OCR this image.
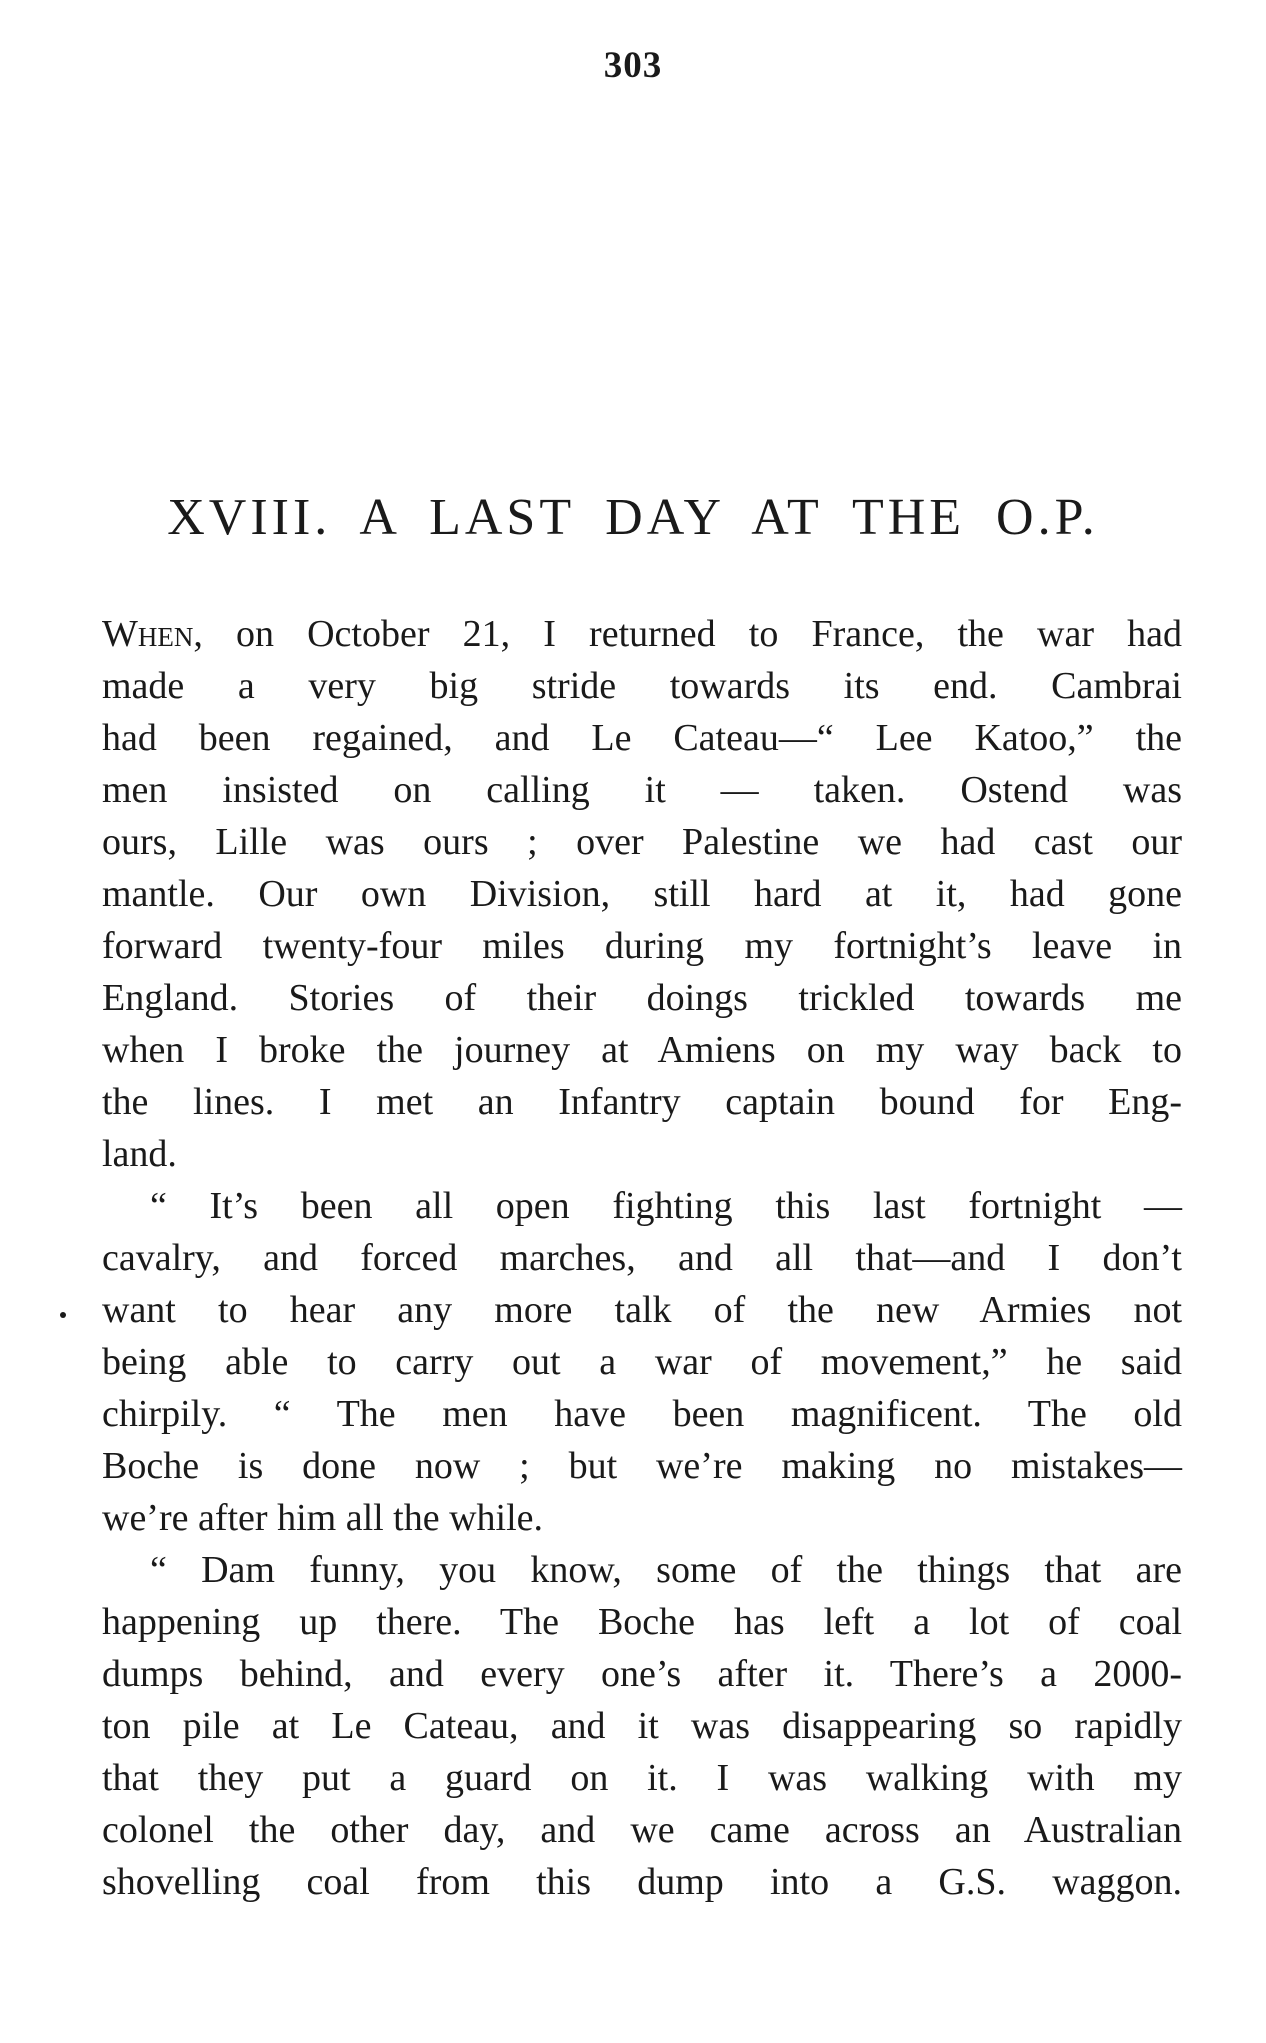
303
XVIII. A LAST DAY AT THE O.P.
When, on October 21, I returned to France, the war had
made a very big stride towards its end. Cambrai
had been regained, and Le Cateau—“ Lee Katoo,” the
men insisted on calling it — taken. Ostend was
ours, Lille was ours ; over Palestine we had cast our
mantle. Our own Division, still hard at it, had gone
forward twenty-four miles during my fortnight’s leave in
England. Stories of their doings trickled towards me
when I broke the journey at Amiens on my way back to
the lines. I met an Infantry captain bound for Eng-
land.
“ It’s been all open fighting this last fortnight —
cavalry, and forced marches, and all that—and I don’t
want to hear any more talk of the new Armies not
being able to carry out a war of movement,” he said
chirpily. “ The men have been magnificent. The old
Boche is done now ; but we’re making no mistakes—
we’re after him all the while.
“ Dam funny, you know, some of the things that are
happening up there. The Boche has left a lot of coal
dumps behind, and every one’s after it. There’s a 2000-
ton pile at Le Cateau, and it was disappearing so rapidly
that they put a guard on it. I was walking with my
colonel the other day, and we came across an Australian
shovelling coal from this dump into a G.S. waggon.
